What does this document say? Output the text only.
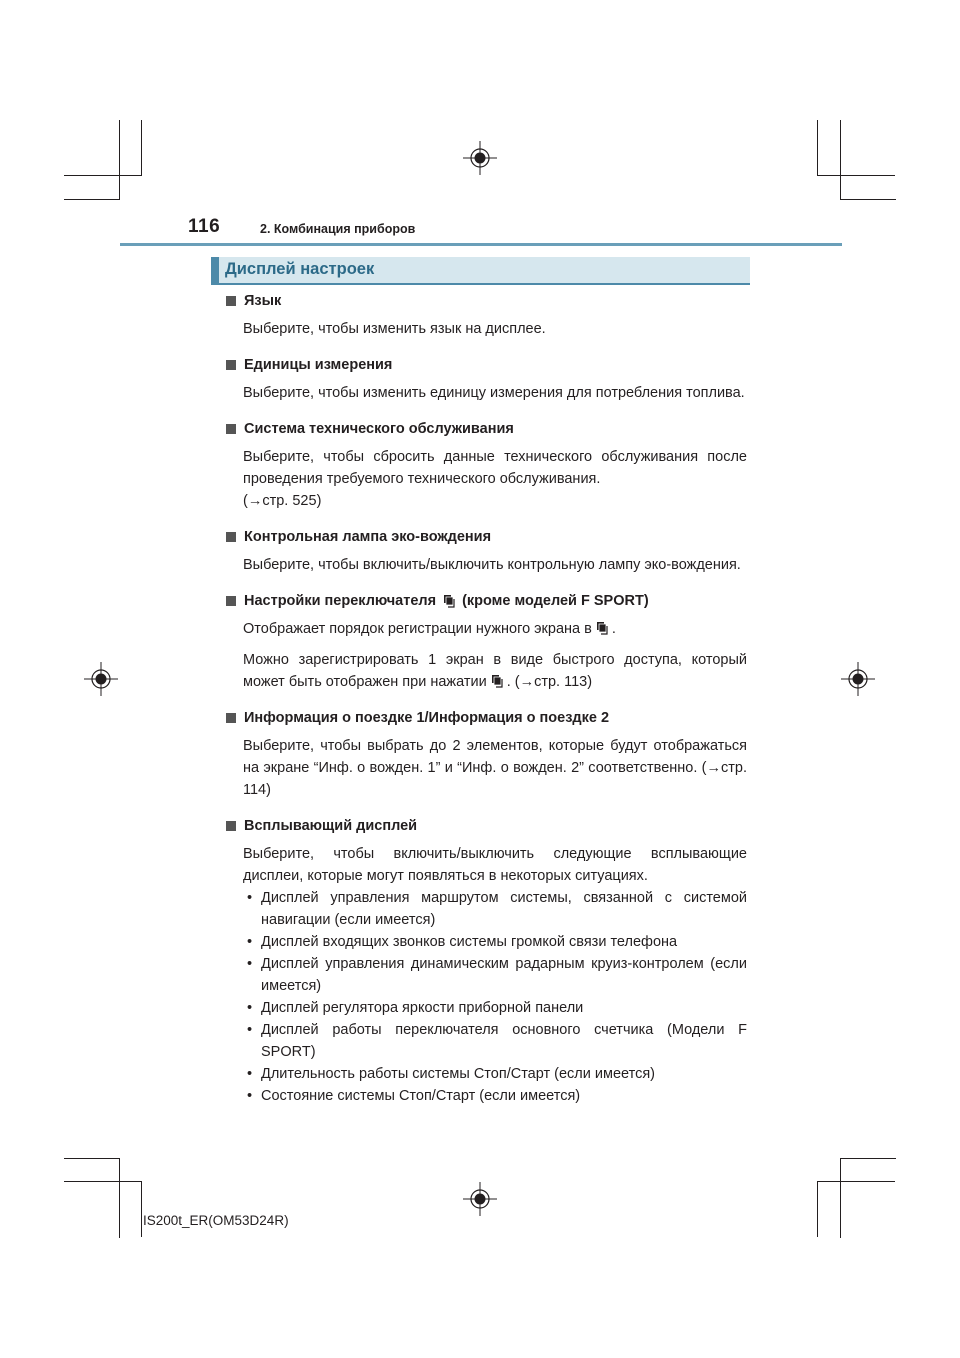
116	2. Комбинация приборов
Дисплей настроек
Язык

Выберите, чтобы изменить язык на дисплее.

Единицы измерения

Выберите, чтобы изменить единицу измерения для потребления топлива.

Система технического обслуживания

Выберите, чтобы сбросить данные технического обслуживания после проведения требуемого технического обслуживания.

(→стр. 525)
Контрольная лампа эко-вождения

Выберите, чтобы включить/выключить контрольную лампу эко-вождения.

Настройки переключателя (кроме моделей F SPORT)

Отображает порядок регистрации нужного экрана в .

Можно зарегистрировать 1 экран в виде быстрого доступа, который может быть отображен при нажатии . (→стр. 113)

Информация о поездке 1/Информация о поездке 2

Выберите, чтобы выбрать до 2 элементов, которые будут отображаться на экране “Инф. о вожден. 1” и “Инф. о вожден. 2” соответственно. (→стр. 114)

Всплывающий дисплей

Выберите, чтобы включить/выключить следующие всплывающие дисплеи, которые могут появляться в некоторых ситуациях.

• Дисплей управления маршрутом системы, связанной с системой навигации (если имеется)
• Дисплей входящих звонков системы громкой связи телефона
• Дисплей управления динамическим радарным круиз-контролем (если имеется)
• Дисплей регулятора яркости приборной панели
• Дисплей работы переключателя основного счетчика (Модели F SPORT)
• Длительность работы системы Стоп/Старт (если имеется)
• Состояние системы Стоп/Старт (если имеется)
IS200t_ER(OM53D24R)
